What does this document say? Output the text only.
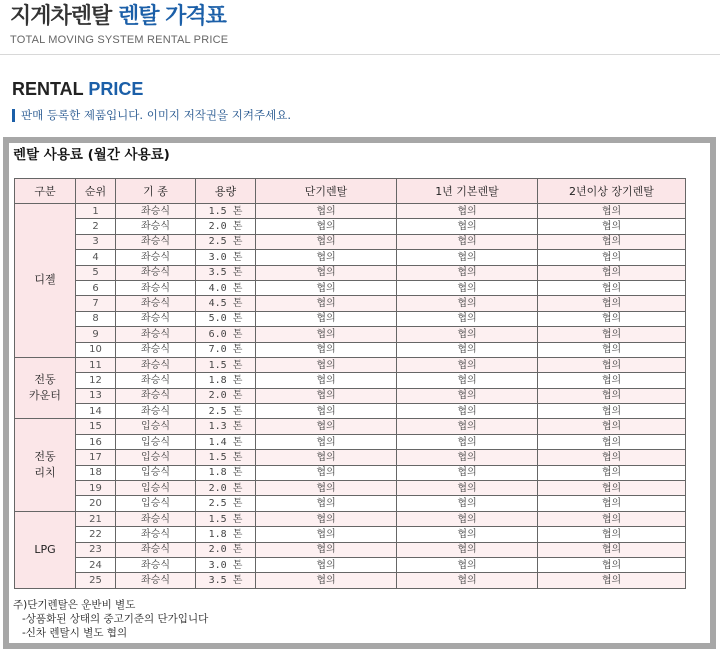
지게차렌탈 렌탈 가격표
TOTAL MOVING SYSTEM RENTAL PRICE
RENTAL PRICE
판매 등록한 제품입니다. 이미지 저작권을 지켜주세요.
렌탈 사용료 (월간 사용료)
구분	순위	기 종	용량	단기렌탈	1년 기본렌탈	2년이상 장기렌탈
디젤	1	좌승식	1.5 톤	협의	협의	협의
	2	좌승식	2.0 톤	협의	협의	협의
	3	좌승식	2.5 톤	협의	협의	협의
	4	좌승식	3.0 톤	협의	협의	협의
	5	좌승식	3.5 톤	협의	협의	협의
	6	좌승식	4.0 톤	협의	협의	협의
	7	좌승식	4.5 톤	협의	협의	협의
	8	좌승식	5.0 톤	협의	협의	협의
	9	좌승식	6.0 톤	협의	협의	협의
	10	좌승식	7.0 톤	협의	협의	협의
전동
카운터	11	좌승식	1.5 톤	협의	협의	협의
	12	좌승식	1.8 톤	협의	협의	협의
	13	좌승식	2.0 톤	협의	협의	협의
	14	좌승식	2.5 톤	협의	협의	협의
전동
리치	15	입승식	1.3 톤	협의	협의	협의
	16	입승식	1.4 톤	협의	협의	협의
	17	입승식	1.5 톤	협의	협의	협의
	18	입승식	1.8 톤	협의	협의	협의
	19	입승식	2.0 톤	협의	협의	협의
	20	입승식	2.5 톤	협의	협의	협의
LPG	21	좌승식	1.5 톤	협의	협의	협의
	22	좌승식	1.8 톤	협의	협의	협의
	23	좌승식	2.0 톤	협의	협의	협의
	24	좌승식	3.0 톤	협의	협의	협의
	25	좌승식	3.5 톤	협의	협의	협의
주)단기렌탈은 운반비 별도
-상품화된 상태의 중고기준의 단가입니다
-신차 렌탈시 별도 협의
